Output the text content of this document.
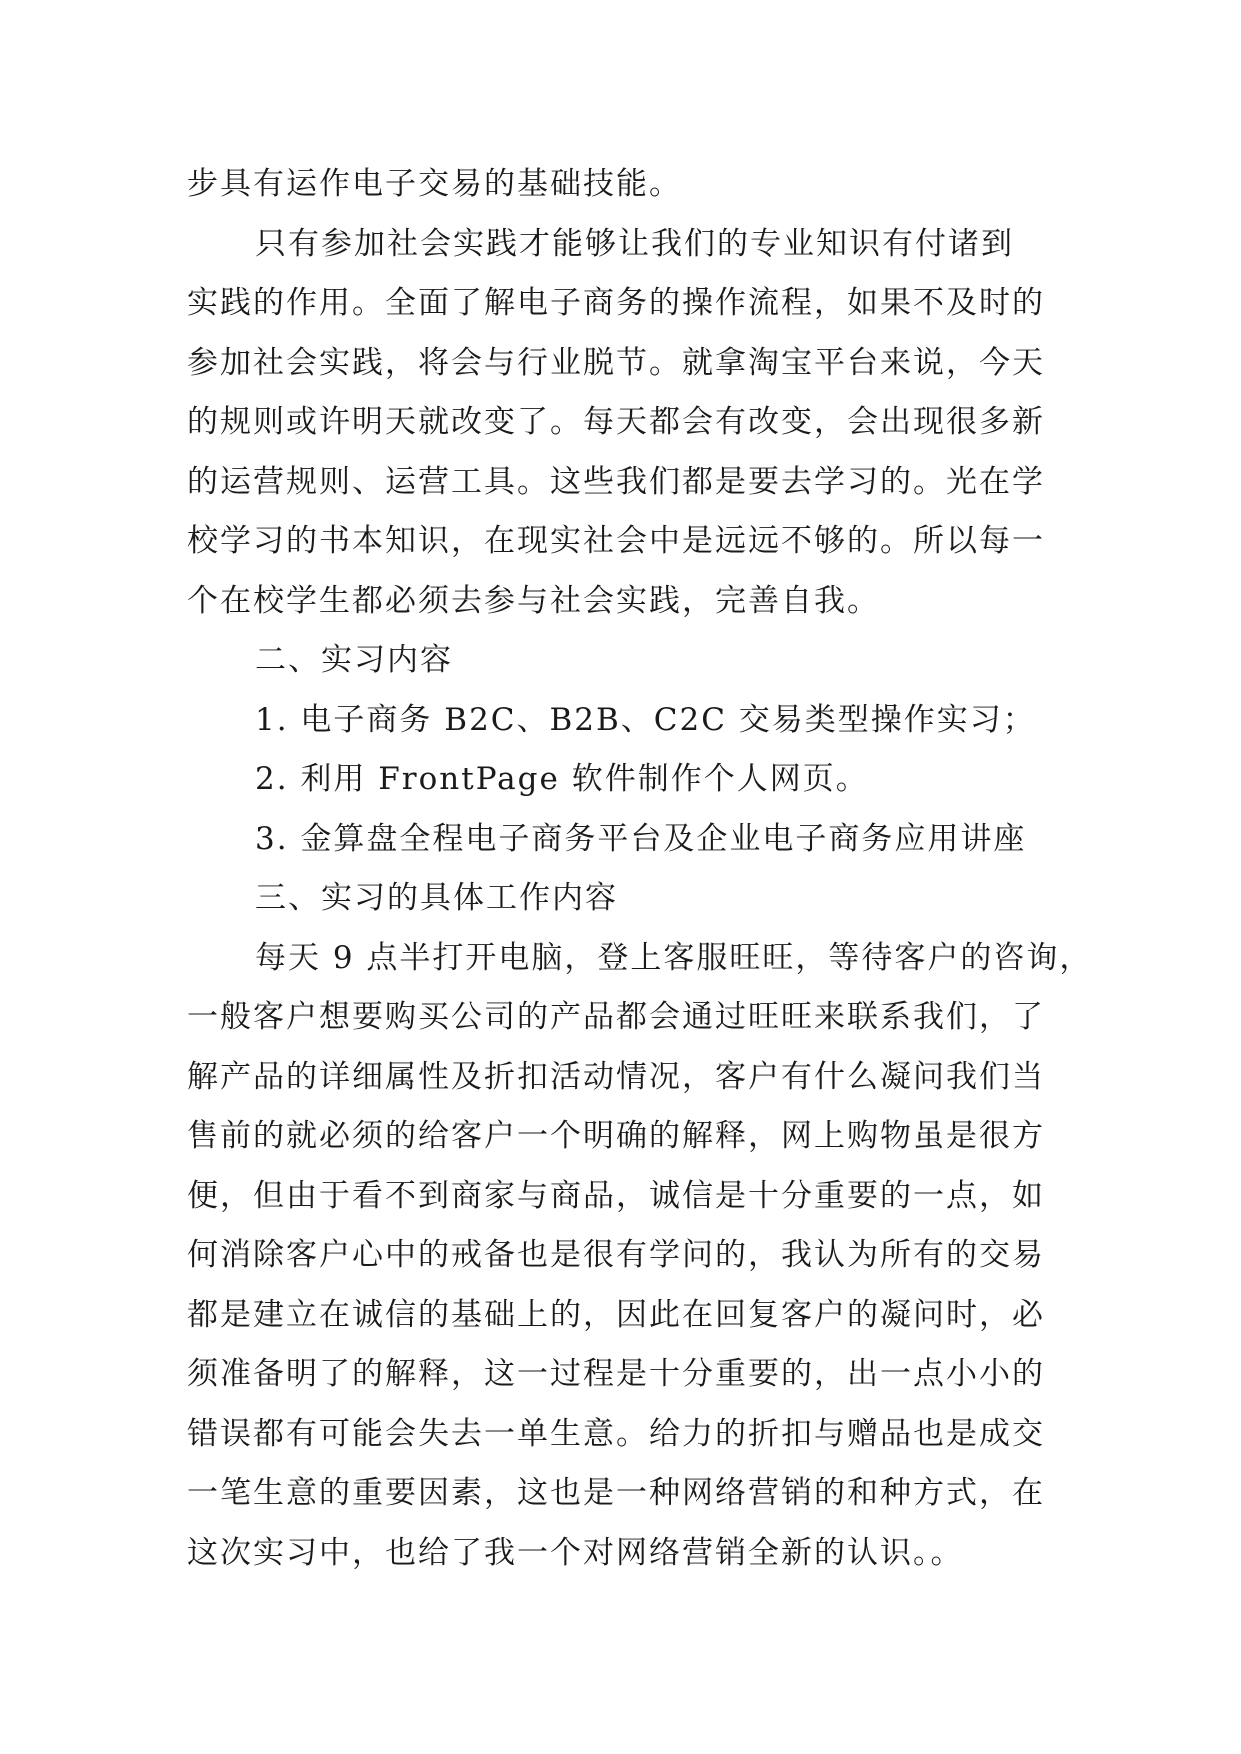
步具有运作电子交易的基础技能。
只有参加社会实践才能够让我们的专业知识有付诸到
实践的作用。全面了解电子商务的操作流程，如果不及时的
参加社会实践，将会与行业脱节。就拿淘宝平台来说，今天
的规则或许明天就改变了。每天都会有改变，会出现很多新
的运营规则、运营工具。这些我们都是要去学习的。光在学
校学习的书本知识，在现实社会中是远远不够的。所以每一
个在校学生都必须去参与社会实践，完善自我。
二、实习内容
1. 电子商务 B2C、B2B、C2C 交易类型操作实习；
2. 利用 FrontPage 软件制作个人网页。
3. 金算盘全程电子商务平台及企业电子商务应用讲座
三、实习的具体工作内容
每天 9 点半打开电脑，登上客服旺旺，等待客户的咨询，
一般客户想要购买公司的产品都会通过旺旺来联系我们，了
解产品的详细属性及折扣活动情况，客户有什么凝问我们当
售前的就必须的给客户一个明确的解释，网上购物虽是很方
便，但由于看不到商家与商品，诚信是十分重要的一点，如
何消除客户心中的戒备也是很有学问的，我认为所有的交易
都是建立在诚信的基础上的，因此在回复客户的凝问时，必
须准备明了的解释，这一过程是十分重要的，出一点小小的
错误都有可能会失去一单生意。给力的折扣与赠品也是成交
一笔生意的重要因素，这也是一种网络营销的和种方式，在
这次实习中，也给了我一个对网络营销全新的认识。。
